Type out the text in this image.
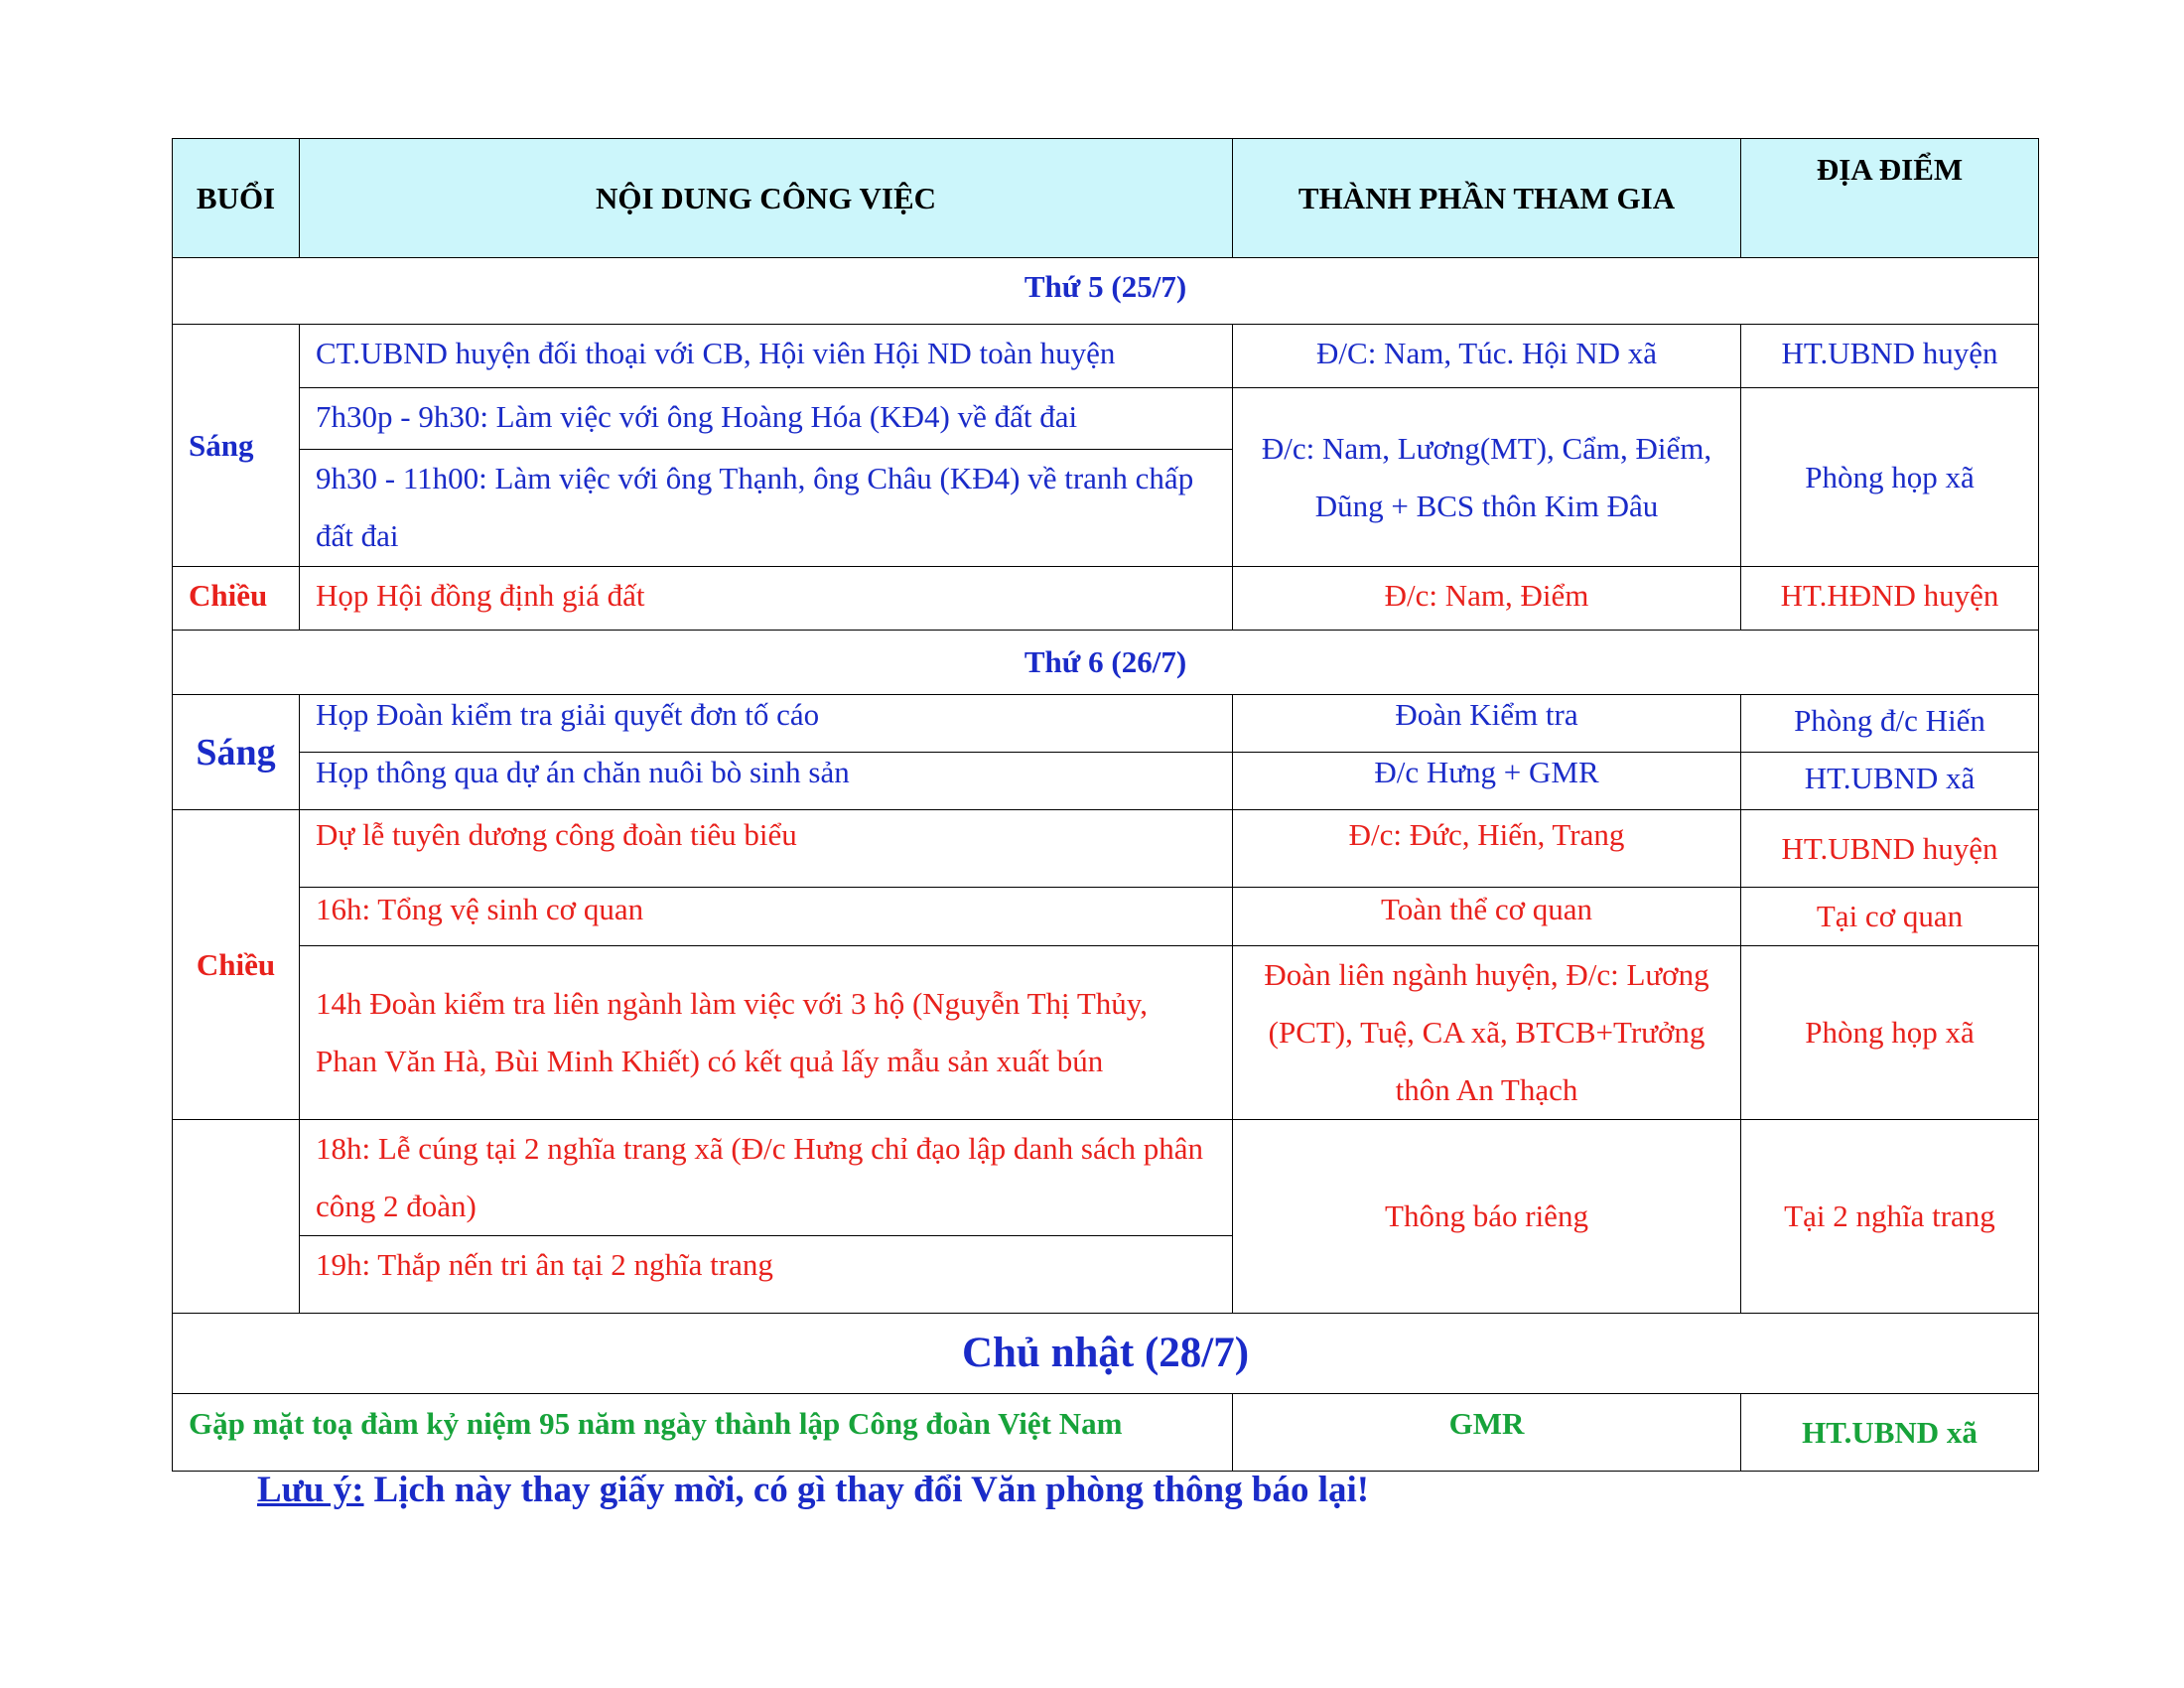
BUỔI	NỘI DUNG CÔNG VIỆC	THÀNH PHẦN THAM GIA	ĐỊA ĐIỂM
Thứ 5 (25/7)			
Sáng	CT.UBND huyện đối thoại với CB, Hội viên Hội ND toàn huyện	Đ/C: Nam, Túc. Hội ND xã	HT.UBND huyện
	7h30p - 9h30: Làm việc với ông Hoàng Hóa (KĐ4) về đất đai	Đ/c: Nam, Lương(MT), Cẩm, Điểm, Dũng + BCS thôn Kim Đâu	Phòng họp xã
	9h30 - 11h00: Làm việc với ông Thạnh, ông Châu (KĐ4) về tranh chấp đất đai		
Chiều	Họp Hội đồng định giá đất	Đ/c: Nam, Điểm	HT.HĐND huyện
Thứ 6 (26/7)			
Sáng	Họp Đoàn kiểm tra giải quyết đơn tố cáo	Đoàn Kiểm tra	Phòng đ/c Hiến
	Họp thông qua dự án chăn nuôi bò sinh sản	Đ/c Hưng + GMR	HT.UBND xã
Chiều	Dự lễ tuyên dương công đoàn tiêu biểu	Đ/c: Đức, Hiến, Trang	HT.UBND huyện
	16h: Tổng vệ sinh cơ quan	Toàn thể cơ quan	Tại cơ quan
	14h Đoàn kiểm tra liên ngành làm việc với 3 hộ (Nguyễn Thị Thủy, Phan Văn Hà, Bùi Minh Khiết) có kết quả lấy mẫu sản xuất bún	Đoàn liên ngành huyện, Đ/c: Lương (PCT), Tuệ, CA xã, BTCB+Trưởng thôn An Thạch	Phòng họp xã
	18h: Lễ cúng tại 2 nghĩa trang xã (Đ/c Hưng chỉ đạo lập danh sách phân công 2 đoàn)	Thông báo riêng	Tại 2 nghĩa trang
	19h: Thắp nến tri ân tại 2 nghĩa trang		
Chủ nhật (28/7)			
Gặp mặt toạ đàm kỷ niệm 95 năm ngày thành lập Công đoàn Việt Nam		GMR	HT.UBND xã
Lưu ý: Lịch này thay giấy mời, có gì thay đổi Văn phòng thông báo lại!
